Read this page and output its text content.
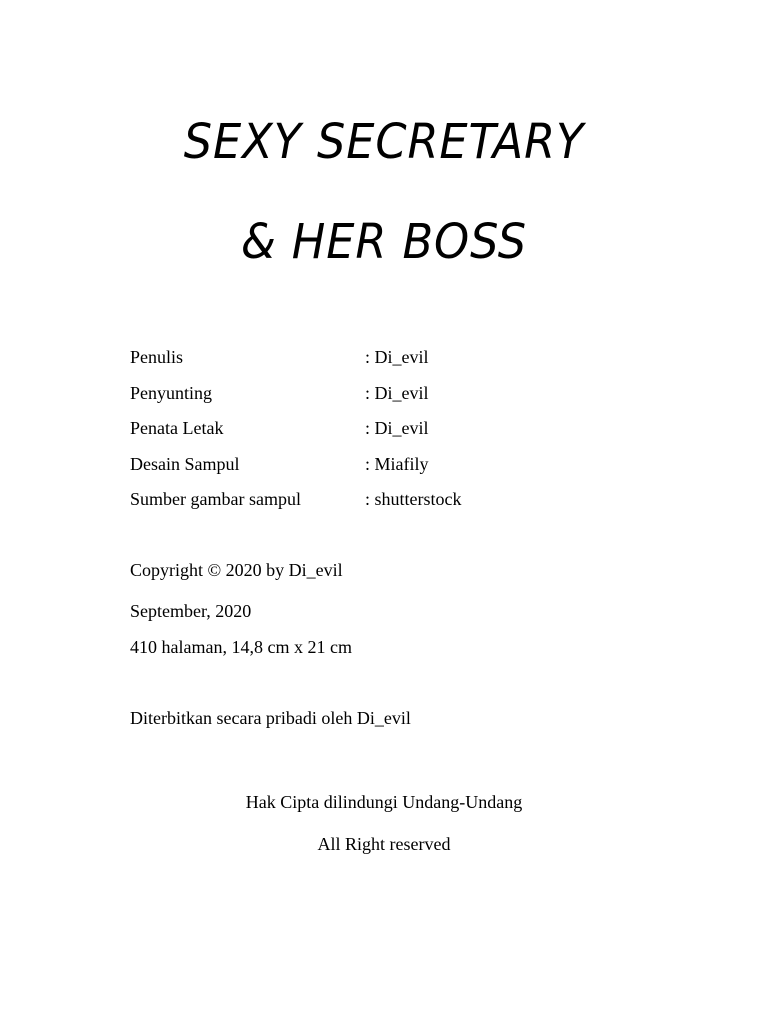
SEXY SECRETARY
& HER BOSS
Penulis	: Di_evil
Penyunting	: Di_evil
Penata Letak	: Di_evil
Desain Sampul	: Miafily
Sumber gambar sampul	: shutterstock
Copyright © 2020 by Di_evil
September, 2020
410 halaman, 14,8 cm x 21 cm
Diterbitkan secara pribadi oleh Di_evil
Hak Cipta dilindungi Undang-Undang
All Right reserved
